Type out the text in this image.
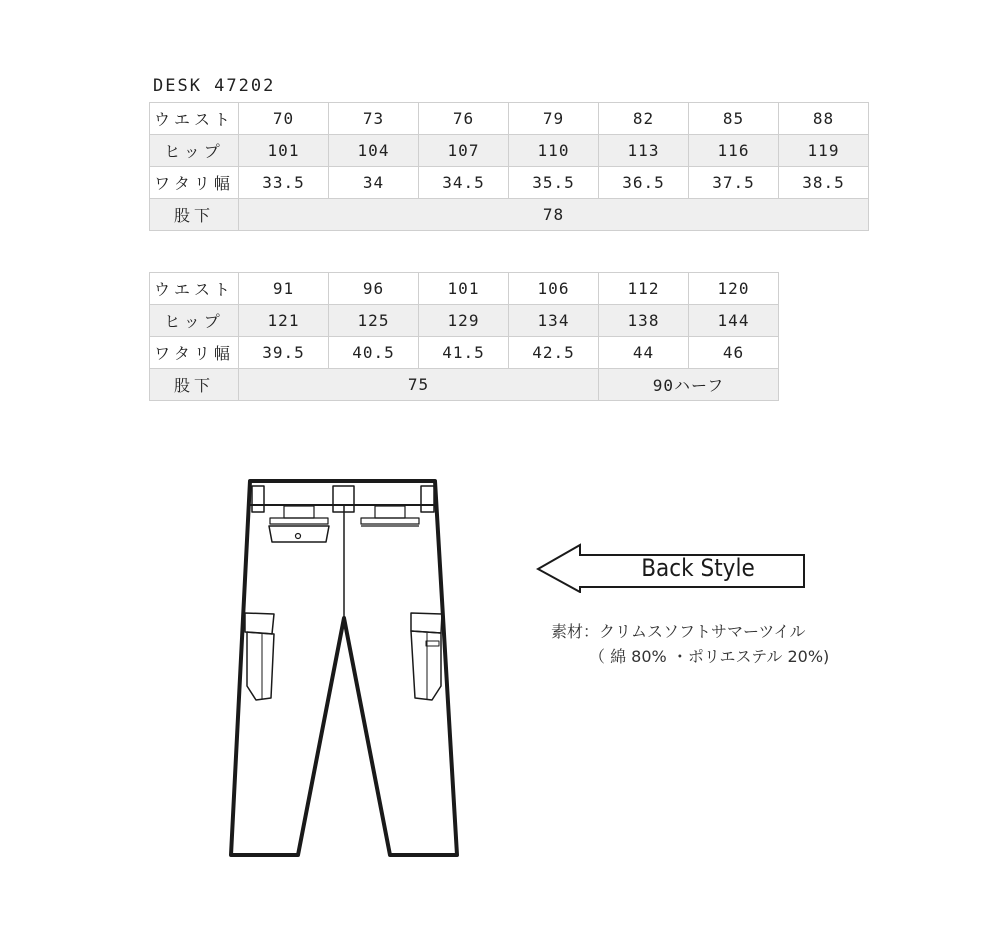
DESK 47202
ウエスト	70	73	76	79	82	85	88
ヒップ	101	104	107	110	113	116	119
ワタリ幅	33.5	34	34.5	35.5	36.5	37.5	38.5
股下	78						
ウエスト	91	96	101	106	112	120
ヒップ	121	125	129	134	138	144
ワタリ幅	39.5	40.5	41.5	42.5	44	46
股下	75				90ハーフ	
Back Style
素材：クリムスソフトサマーツイル
（ 綿 80% ・ポリエステル 20%)
